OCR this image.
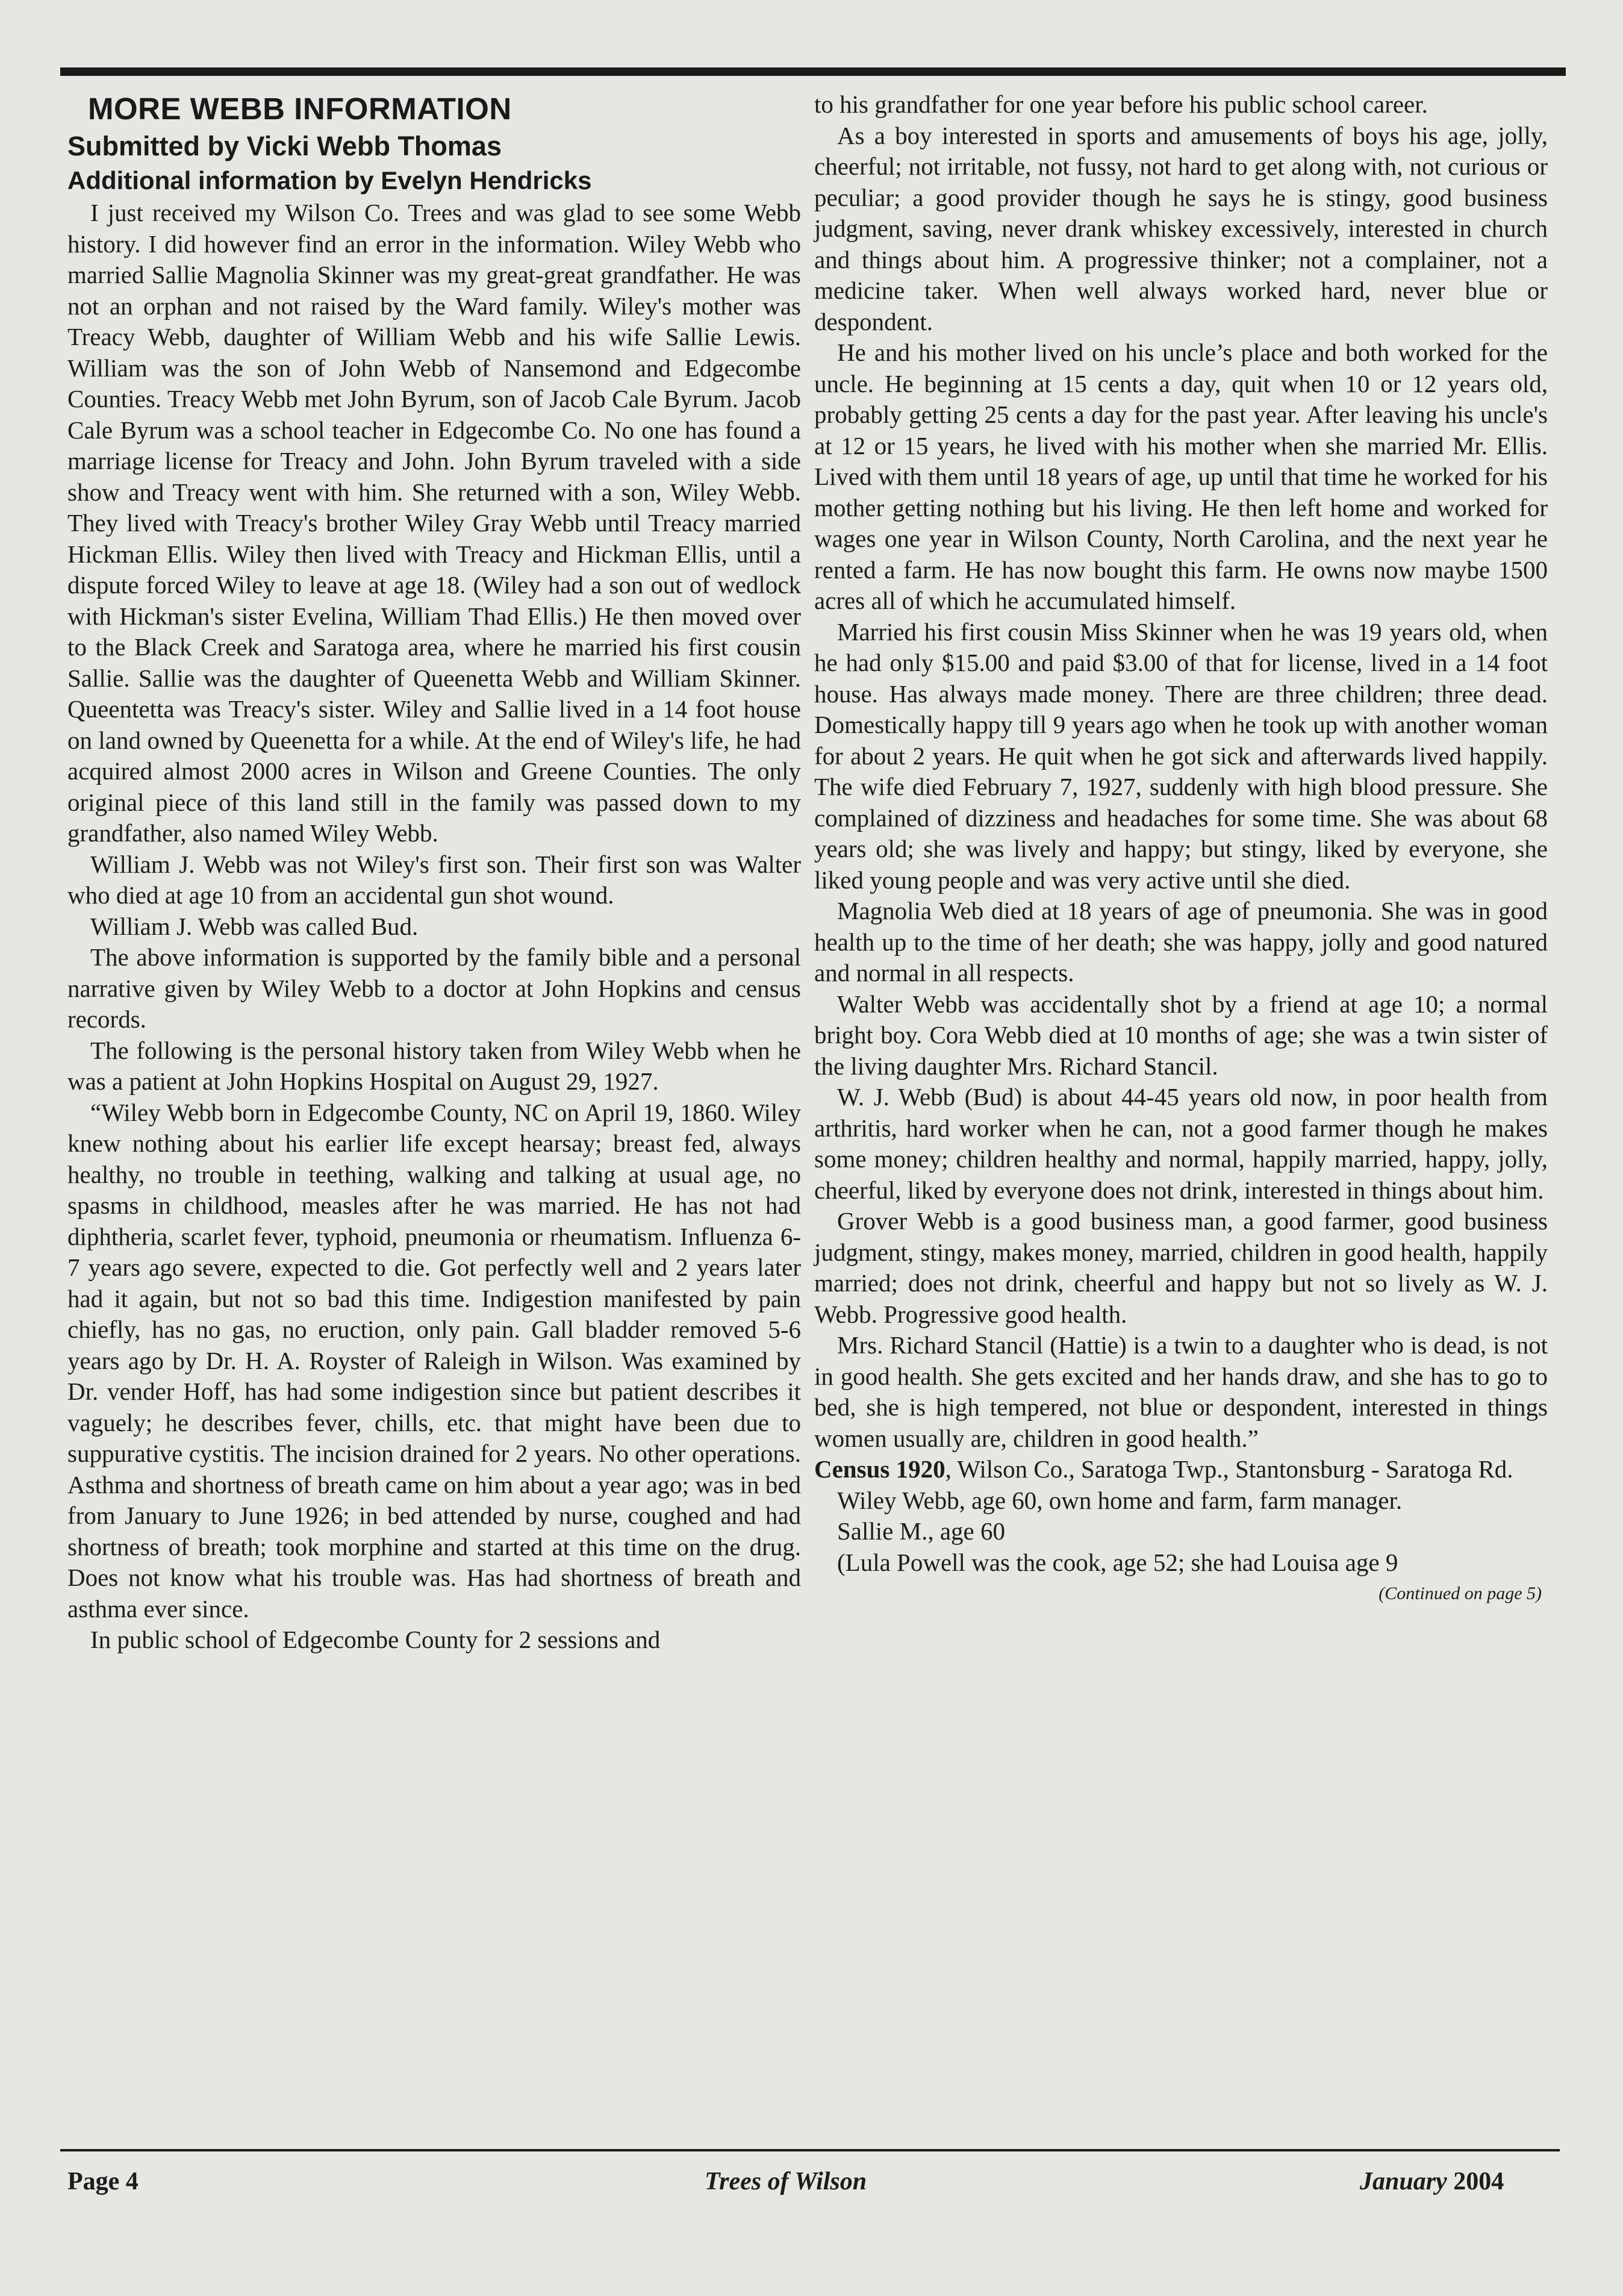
MORE WEBB INFORMATION
Submitted by Vicki Webb Thomas
Additional information by Evelyn Hendricks

I just received my Wilson Co. Trees and was glad to see some Webb history. I did however find an error in the information. Wiley Webb who married Sallie Magnolia Skinner was my great-great grandfather. He was not an orphan and not raised by the Ward family. Wiley's mother was Treacy Webb, daughter of William Webb and his wife Sallie Lewis. William was the son of John Webb of Nansemond and Edgecombe Counties. Treacy Webb met John Byrum, son of Jacob Cale Byrum. Jacob Cale Byrum was a school teacher in Edgecombe Co. No one has found a marriage license for Treacy and John. John Byrum traveled with a side show and Treacy went with him. She returned with a son, Wiley Webb. They lived with Treacy's brother Wiley Gray Webb until Treacy married Hickman Ellis. Wiley then lived with Treacy and Hickman Ellis, until a dispute forced Wiley to leave at age 18. (Wiley had a son out of wedlock with Hickman's sister Evelina, William Thad Ellis.) He then moved over to the Black Creek and Saratoga area, where he married his first cousin Sallie. Sallie was the daughter of Queenetta Webb and William Skinner. Queentetta was Treacy's sister. Wiley and Sallie lived in a 14 foot house on land owned by Queenetta for a while. At the end of Wiley's life, he had acquired almost 2000 acres in Wilson and Greene Counties. The only original piece of this land still in the family was passed down to my grandfather, also named Wiley Webb.

William J. Webb was not Wiley's first son. Their first son was Walter who died at age 10 from an accidental gun shot wound.

William J. Webb was called Bud.

The above information is supported by the family bible and a personal narrative given by Wiley Webb to a doctor at John Hopkins and census records.

The following is the personal history taken from Wiley Webb when he was a patient at John Hopkins Hospital on August 29, 1927.

“Wiley Webb born in Edgecombe County, NC on April 19, 1860. Wiley knew nothing about his earlier life except hearsay; breast fed, always healthy, no trouble in teething, walking and talking at usual age, no spasms in childhood, measles after he was married. He has not had diphtheria, scarlet fever, typhoid, pneumonia or rheumatism. Influenza 6-7 years ago severe, expected to die. Got perfectly well and 2 years later had it again, but not so bad this time. Indigestion manifested by pain chiefly, has no gas, no eruction, only pain. Gall bladder removed 5-6 years ago by Dr. H. A. Royster of Raleigh in Wilson. Was examined by Dr. vender Hoff, has had some indigestion since but patient describes it vaguely; he describes fever, chills, etc. that might have been due to suppurative cystitis. The incision drained for 2 years. No other operations. Asthma and shortness of breath came on him about a year ago; was in bed from January to June 1926; in bed attended by nurse, coughed and had shortness of breath; took morphine and started at this time on the drug. Does not know what his trouble was. Has had shortness of breath and asthma ever since.

In public school of Edgecombe County for 2 sessions and

to his grandfather for one year before his public school career.

As a boy interested in sports and amusements of boys his age, jolly, cheerful; not irritable, not fussy, not hard to get along with, not curious or peculiar; a good provider though he says he is stingy, good business judgment, saving, never drank whiskey excessively, interested in church and things about him. A progressive thinker; not a complainer, not a medicine taker. When well always worked hard, never blue or despondent.

He and his mother lived on his uncle’s place and both worked for the uncle. He beginning at 15 cents a day, quit when 10 or 12 years old, probably getting 25 cents a day for the past year. After leaving his uncle's at 12 or 15 years, he lived with his mother when she married Mr. Ellis. Lived with them until 18 years of age, up until that time he worked for his mother getting nothing but his living. He then left home and worked for wages one year in Wilson County, North Carolina, and the next year he rented a farm. He has now bought this farm. He owns now maybe 1500 acres all of which he accumulated himself.

Married his first cousin Miss Skinner when he was 19 years old, when he had only $15.00 and paid $3.00 of that for license, lived in a 14 foot house. Has always made money. There are three children; three dead. Domestically happy till 9 years ago when he took up with another woman for about 2 years. He quit when he got sick and afterwards lived happily. The wife died February 7, 1927, suddenly with high blood pressure. She complained of dizziness and headaches for some time. She was about 68 years old; she was lively and happy; but stingy, liked by everyone, she liked young people and was very active until she died.

Magnolia Web died at 18 years of age of pneumonia. She was in good health up to the time of her death; she was happy, jolly and good natured and normal in all respects.

Walter Webb was accidentally shot by a friend at age 10; a normal bright boy. Cora Webb died at 10 months of age; she was a twin sister of the living daughter Mrs. Richard Stancil.

W. J. Webb (Bud) is about 44-45 years old now, in poor health from arthritis, hard worker when he can, not a good farmer though he makes some money; children healthy and normal, happily married, happy, jolly, cheerful, liked by everyone does not drink, interested in things about him.

Grover Webb is a good business man, a good farmer, good business judgment, stingy, makes money, married, children in good health, happily married; does not drink, cheerful and happy but not so lively as W. J. Webb. Progressive good health.

Mrs. Richard Stancil (Hattie) is a twin to a daughter who is dead, is not in good health. She gets excited and her hands draw, and she has to go to bed, she is high tempered, not blue or despondent, interested in things women usually are, children in good health.”

Census 1920, Wilson Co., Saratoga Twp., Stantonsburg - Saratoga Rd.

Wiley Webb, age 60, own home and farm, farm manager.

Sallie M., age 60

(Lula Powell was the cook, age 52; she had Louisa age 9

(Continued on page 5)
Page 4	Trees of Wilson	January 2004
